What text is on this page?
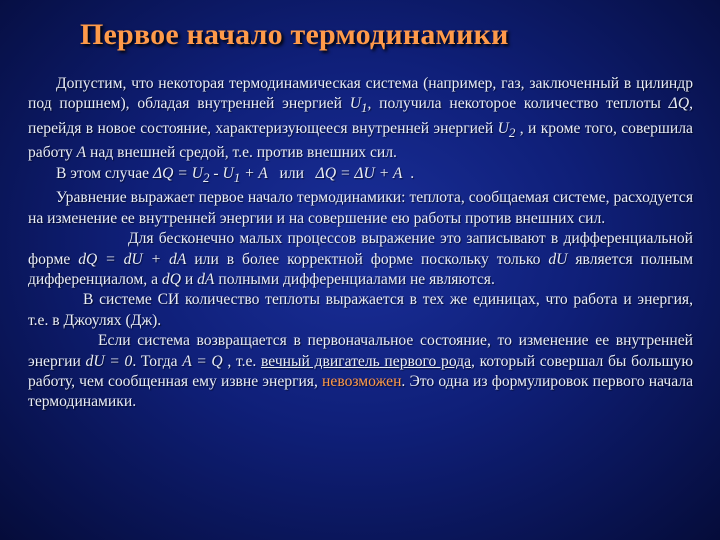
Первое начало термодинамики

Допустим, что некоторая термодинамическая система (например, газ, заключенный в цилиндр под поршнем), обладая внутренней энергией $U_1$, получила некоторое количество теплоты ΔQ, перейдя в новое состояние, характеризующееся внутренней энергией $U_2$ , и кроме того, совершила работу A над внешней средой, т.е. против внешних сил.

В этом случае $\Delta Q = U_2 - U_1 + A$   или   ΔQ = ΔU + A  .

Уравнение выражает первое начало термодинамики: теплота, сообщаемая системе, расходуется на изменение ее внутренней энергии и на совершение ею работы против внешних сил.

Для бесконечно малых процессов выражение это записывают в дифференциальной форме dQ = dU + dA или в более корректной форме поскольку только dU является полным дифференциалом, а dQ и dA полными дифференциалами не являются.

В системе СИ количество теплоты выражается в тех же единицах, что работа и энергия, т.е. в Джоулях (Дж).

Если система возвращается в первоначальное состояние, то изменение ее внутренней энергии dU = 0. Тогда A = Q , т.е. вечный двигатель первого рода, который совершал бы большую работу, чем сообщенная ему извне энергия, невозможен. Это одна из формулировок первого начала термодинамики.
